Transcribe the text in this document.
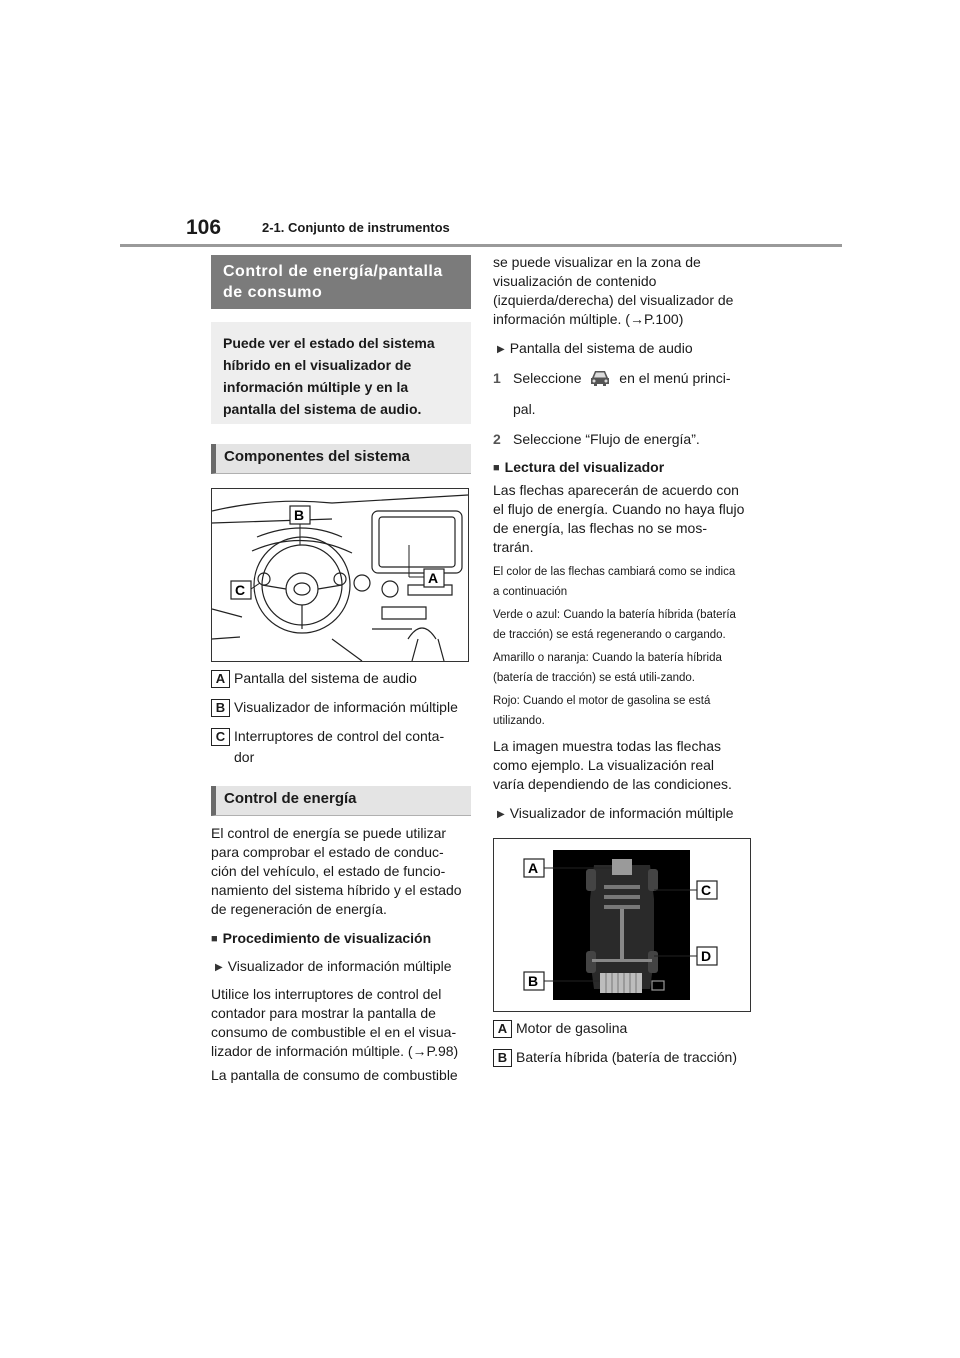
106	2-1. Conjunto de instrumentos
Control de energía/pantalla de consumo
Puede ver el estado del sistema híbrido en el visualizador de información múltiple y en la pantalla del sistema de audio.
Componentes del sistema
B
A
C
A Pantalla del sistema de audio
B Visualizador de información múltiple
C Interruptores de control del conta-dor
Control de energía

El control de energía se puede utilizar para comprobar el estado de conduc-ción del vehículo, el estado de funcio-namiento del sistema híbrido y el estado de regeneración de energía.

■ Procedimiento de visualización

▶ Visualizador de información múltiple

Utilice los interruptores de control del contador para mostrar la pantalla de consumo de combustible el en el visua-lizador de información múltiple. (→P.98)

La pantalla de consumo de combustible

se puede visualizar en la zona de visualización de contenido (izquierda/derecha) del visualizador de información múltiple. (→P.100)

▶ Pantalla del sistema de audio

1 Seleccione	en el menú princi-pal.
2 Seleccione “Flujo de energía”.

■ Lectura del visualizador

Las flechas aparecerán de acuerdo con el flujo de energía. Cuando no haya flujo de energía, las flechas no se mos-trarán.

El color de las flechas cambiará como se indica a continuación

Verde o azul: Cuando la batería híbrida (batería de tracción) se está regenerando o cargando.

Amarillo o naranja: Cuando la batería híbrida (batería de tracción) se está utili-zando.

Rojo: Cuando el motor de gasolina se está utilizando.

La imagen muestra todas las flechas como ejemplo. La visualización real varía dependiendo de las condiciones.

▶ Visualizador de información múltiple

A
C
D
B
A Motor de gasolina
B Batería híbrida (batería de tracción)
